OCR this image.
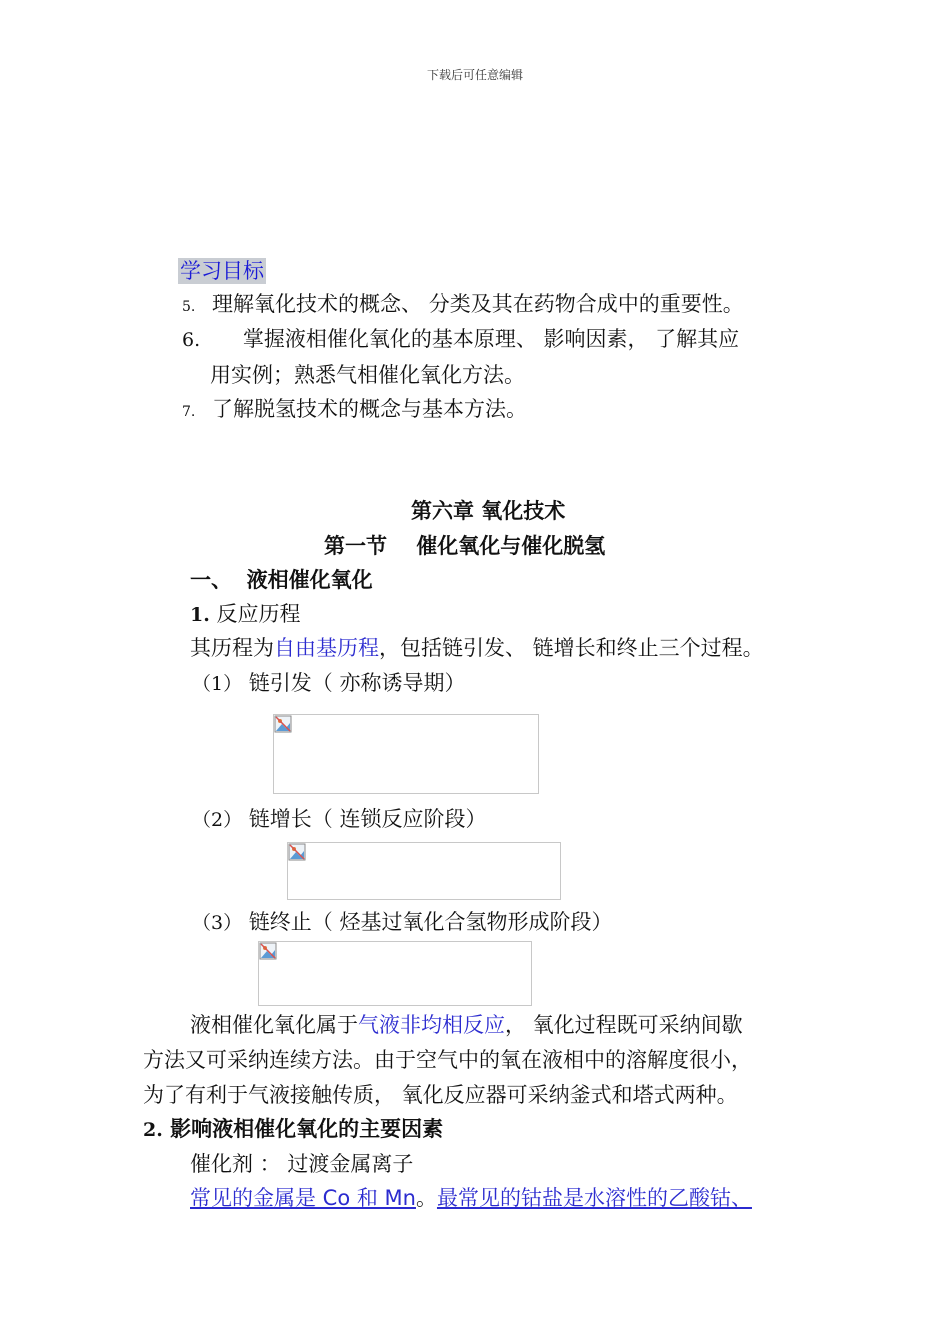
下载后可任意编辑
学习目标
5. 理解氧化技术的概念、 分类及其在药物合成中的重要性。
6. 掌握液相催化氧化的基本原理、 影响因素， 了解其应
用实例；熟悉气相催化氧化方法。
7. 了解脱氢技术的概念与基本方法。
第六章 氧化技术
第一节    催化氧化与催化脱氢
一、  液相催化氧化
1. 反应历程
其历程为自由基历程，包括链引发、 链增长和终止三个过程。
（1） 链引发（ 亦称诱导期）
（2） 链增长（ 连锁反应阶段）
（3） 链终止（ 烃基过氧化合氢物形成阶段）
液相催化氧化属于气液非均相反应， 氧化过程既可采纳间歇
方法又可采纳连续方法。由于空气中的氧在液相中的溶解度很小，
为了有利于气液接触传质， 氧化反应器可采纳釜式和塔式两种。
2. 影响液相催化氧化的主要因素
催化剂 ： 过渡金属离子
常见的金属是 Co 和 Mn。最常见的钴盐是水溶性的乙酸钴、
